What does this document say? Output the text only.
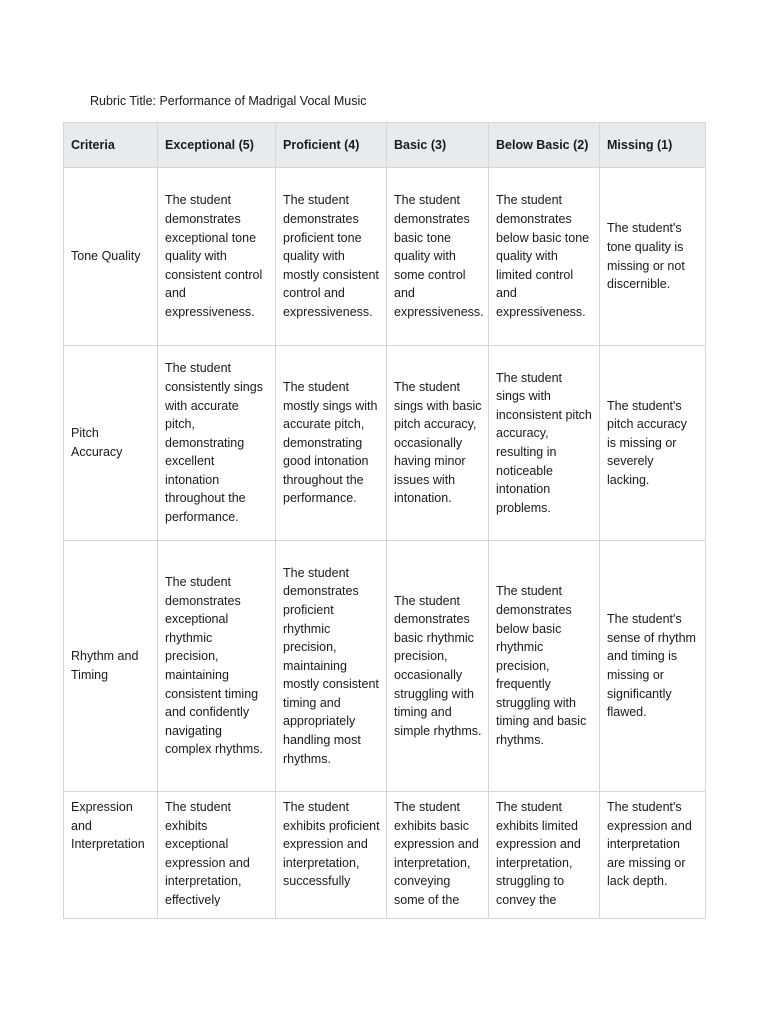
Rubric Title: Performance of Madrigal Vocal Music
Criteria	Exceptional (5)	Proficient (4)	Basic (3)	Below Basic (2)	Missing (1)
Tone Quality	The student demonstrates exceptional tone quality with consistent control and expressiveness.	The student demonstrates proficient tone quality with mostly consistent control and expressiveness.	The student demonstrates basic tone quality with some control and expressiveness.	The student demonstrates below basic tone quality with limited control and expressiveness.	The student's tone quality is missing or not discernible.
Pitch Accuracy	The student consistently sings with accurate pitch, demonstrating excellent intonation throughout the performance.	The student mostly sings with accurate pitch, demonstrating good intonation throughout the performance.	The student sings with basic pitch accuracy, occasionally having minor issues with intonation.	The student sings with inconsistent pitch accuracy, resulting in noticeable intonation problems.	The student's pitch accuracy is missing or severely lacking.
Rhythm and Timing	The student demonstrates exceptional rhythmic precision, maintaining consistent timing and confidently navigating complex rhythms.	The student demonstrates proficient rhythmic precision, maintaining mostly consistent timing and appropriately handling most rhythms.	The student demonstrates basic rhythmic precision, occasionally struggling with timing and simple rhythms.	The student demonstrates below basic rhythmic precision, frequently struggling with timing and basic rhythms.	The student's sense of rhythm and timing is missing or significantly flawed.

Expression and Interpretation	The student exhibits exceptional expression and interpretation, effectively	The student exhibits proficient expression and interpretation, successfully	The student exhibits basic expression and interpretation, conveying some of the	The student exhibits limited expression and interpretation, struggling to convey the	The student's expression and interpretation are missing or lack depth.
